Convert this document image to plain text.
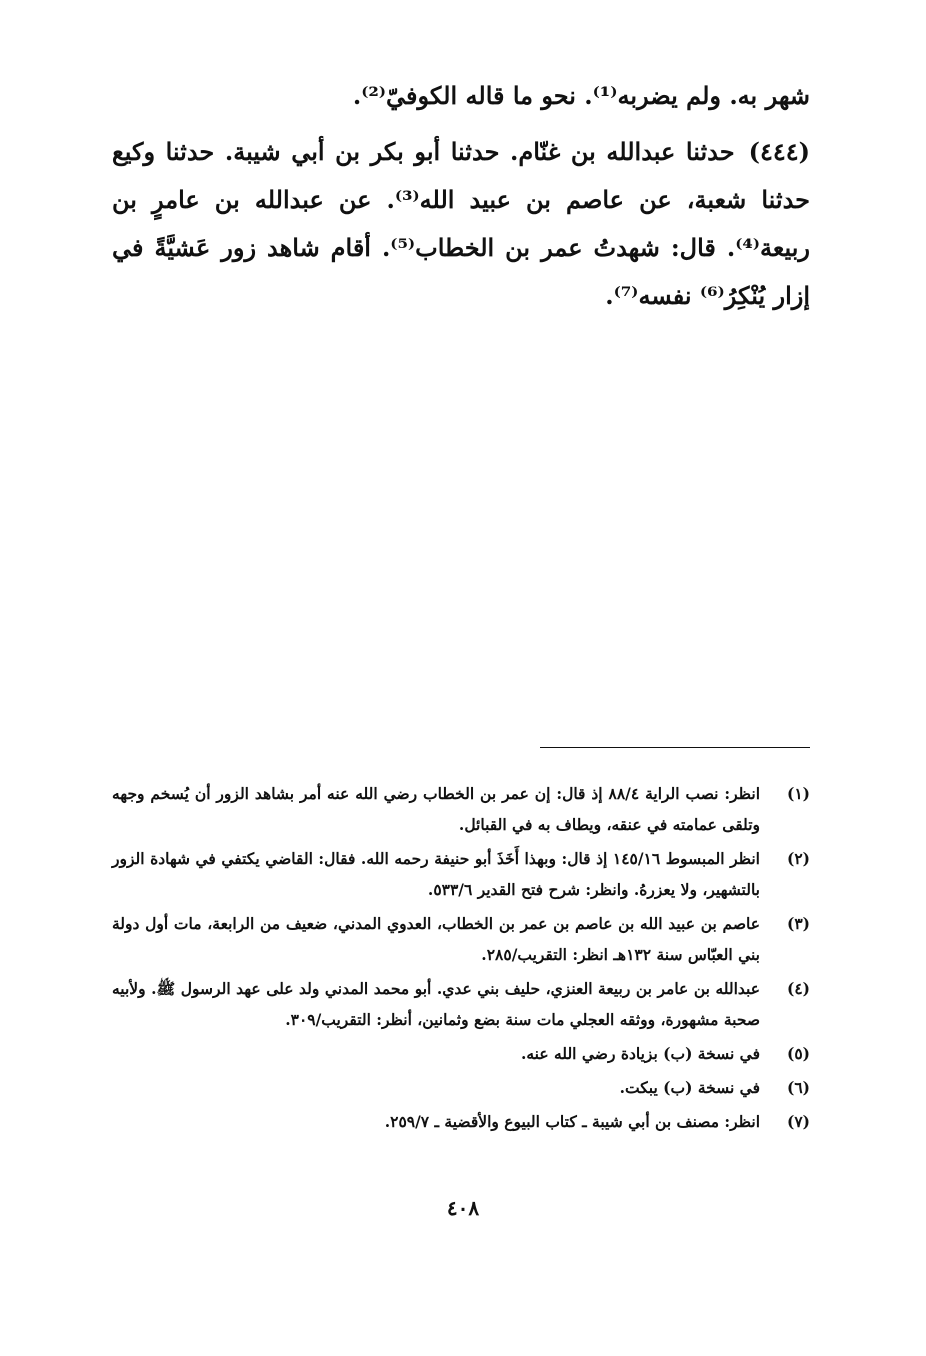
شهر به. ولم يضربه⁽¹⁾. نحو ما قاله الكوفيّ⁽²⁾.

(٤٤٤)حدثنا عبدالله بن غنّام. حدثنا أبو بكر بن أبي شيبة. حدثنا وكيع حدثنا شعبة، عن عاصم بن عبيد الله⁽³⁾. عن عبدالله بن عامرٍ بن ربيعة⁽⁴⁾. قال: شهدتُ عمر بن الخطاب⁽⁵⁾. أقام شاهد زور عَشيَّةً في إزار يُنْكِرُ⁽⁶⁾ نفسه⁽⁷⁾.

(١)
انظر: نصب الراية ٨٨/٤ إذ قال: إن عمر بن الخطاب رضي الله عنه أمر بشاهد الزور أن يُسخم وجهه وتلقى عمامته في عنقه، ويطاف به في القبائل.
(٢)
انظر المبسوط ١٤٥/١٦ إذ قال: وبهذا أَخَذَ أبو حنيفة رحمه الله. فقال: القاضي يكتفي في شهادة الزور بالتشهير، ولا يعزرهُ. وانظر: شرح فتح القدير ٥٣٣/٦.
(٣)
عاصم بن عبيد الله بن عاصم بن عمر بن الخطاب، العدوي المدني، ضعيف من الرابعة، مات أول دولة بني العبّاس سنة ١٣٢هـ انظر: التقريب/٢٨٥.
(٤)
عبدالله بن عامر بن ربيعة العنزي، حليف بني عدي. أبو محمد المدني ولد على عهد الرسول ﷺ. ولأبيه صحبة مشهورة، ووثقه العجلي مات سنة بضع وثمانين، أنظر: التقريب/٣٠٩.
(٥)
في نسخة (ب) بزيادة رضي الله عنه.
(٦)
في نسخة (ب) يبكت.
(٧)
انظر: مصنف بن أبي شيبة ـ كتاب البيوع والأقضية ـ ٢٥٩/٧.
٤٠٨
